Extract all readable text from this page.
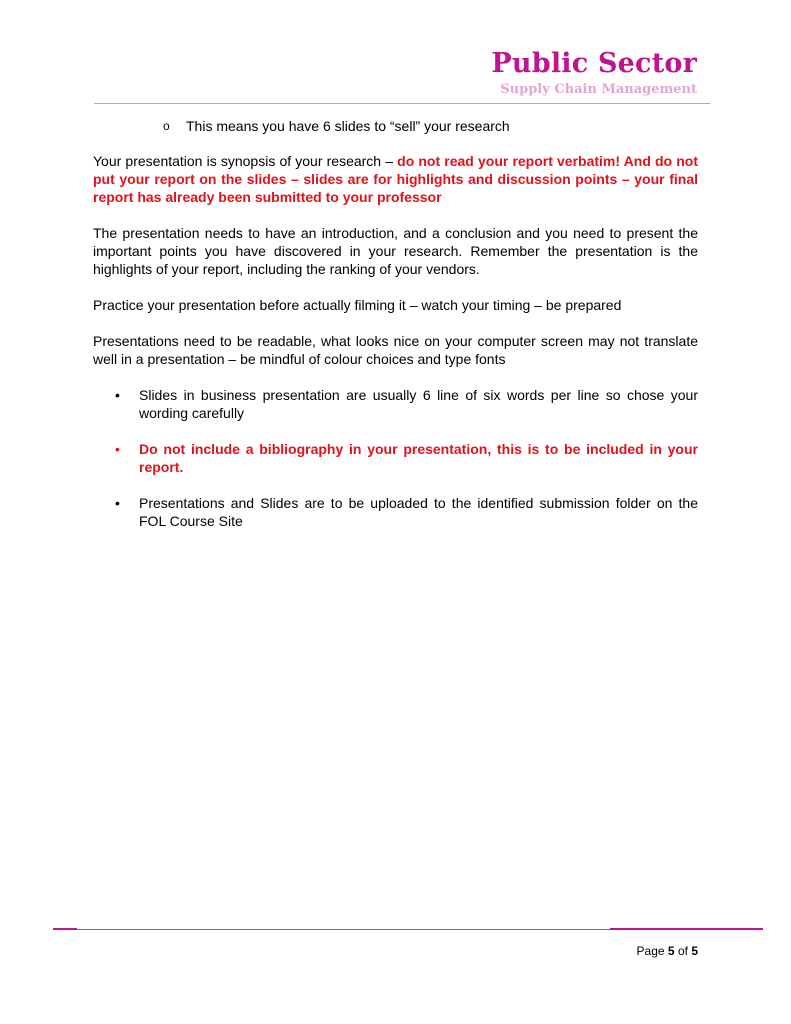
Public Sector
Supply Chain Management

o This means you have 6 slides to “sell” your research

Your presentation is synopsis of your research – do not read your report verbatim! And do not put your report on the slides – slides are for highlights and discussion points – your final report has already been submitted to your professor

The presentation needs to have an introduction, and a conclusion and you need to present the important points you have discovered in your research. Remember the presentation is the highlights of your report, including the ranking of your vendors.

Practice your presentation before actually filming it – watch your timing – be prepared

Presentations need to be readable, what looks nice on your computer screen may not translate well in a presentation – be mindful of colour choices and type fonts

• Slides in business presentation are usually 6 line of six words per line so chose your wording carefully
• Do not include a bibliography in your presentation, this is to be included in your report.
• Presentations and Slides are to be uploaded to the identified submission folder on the FOL Course Site
Page 5 of 5
